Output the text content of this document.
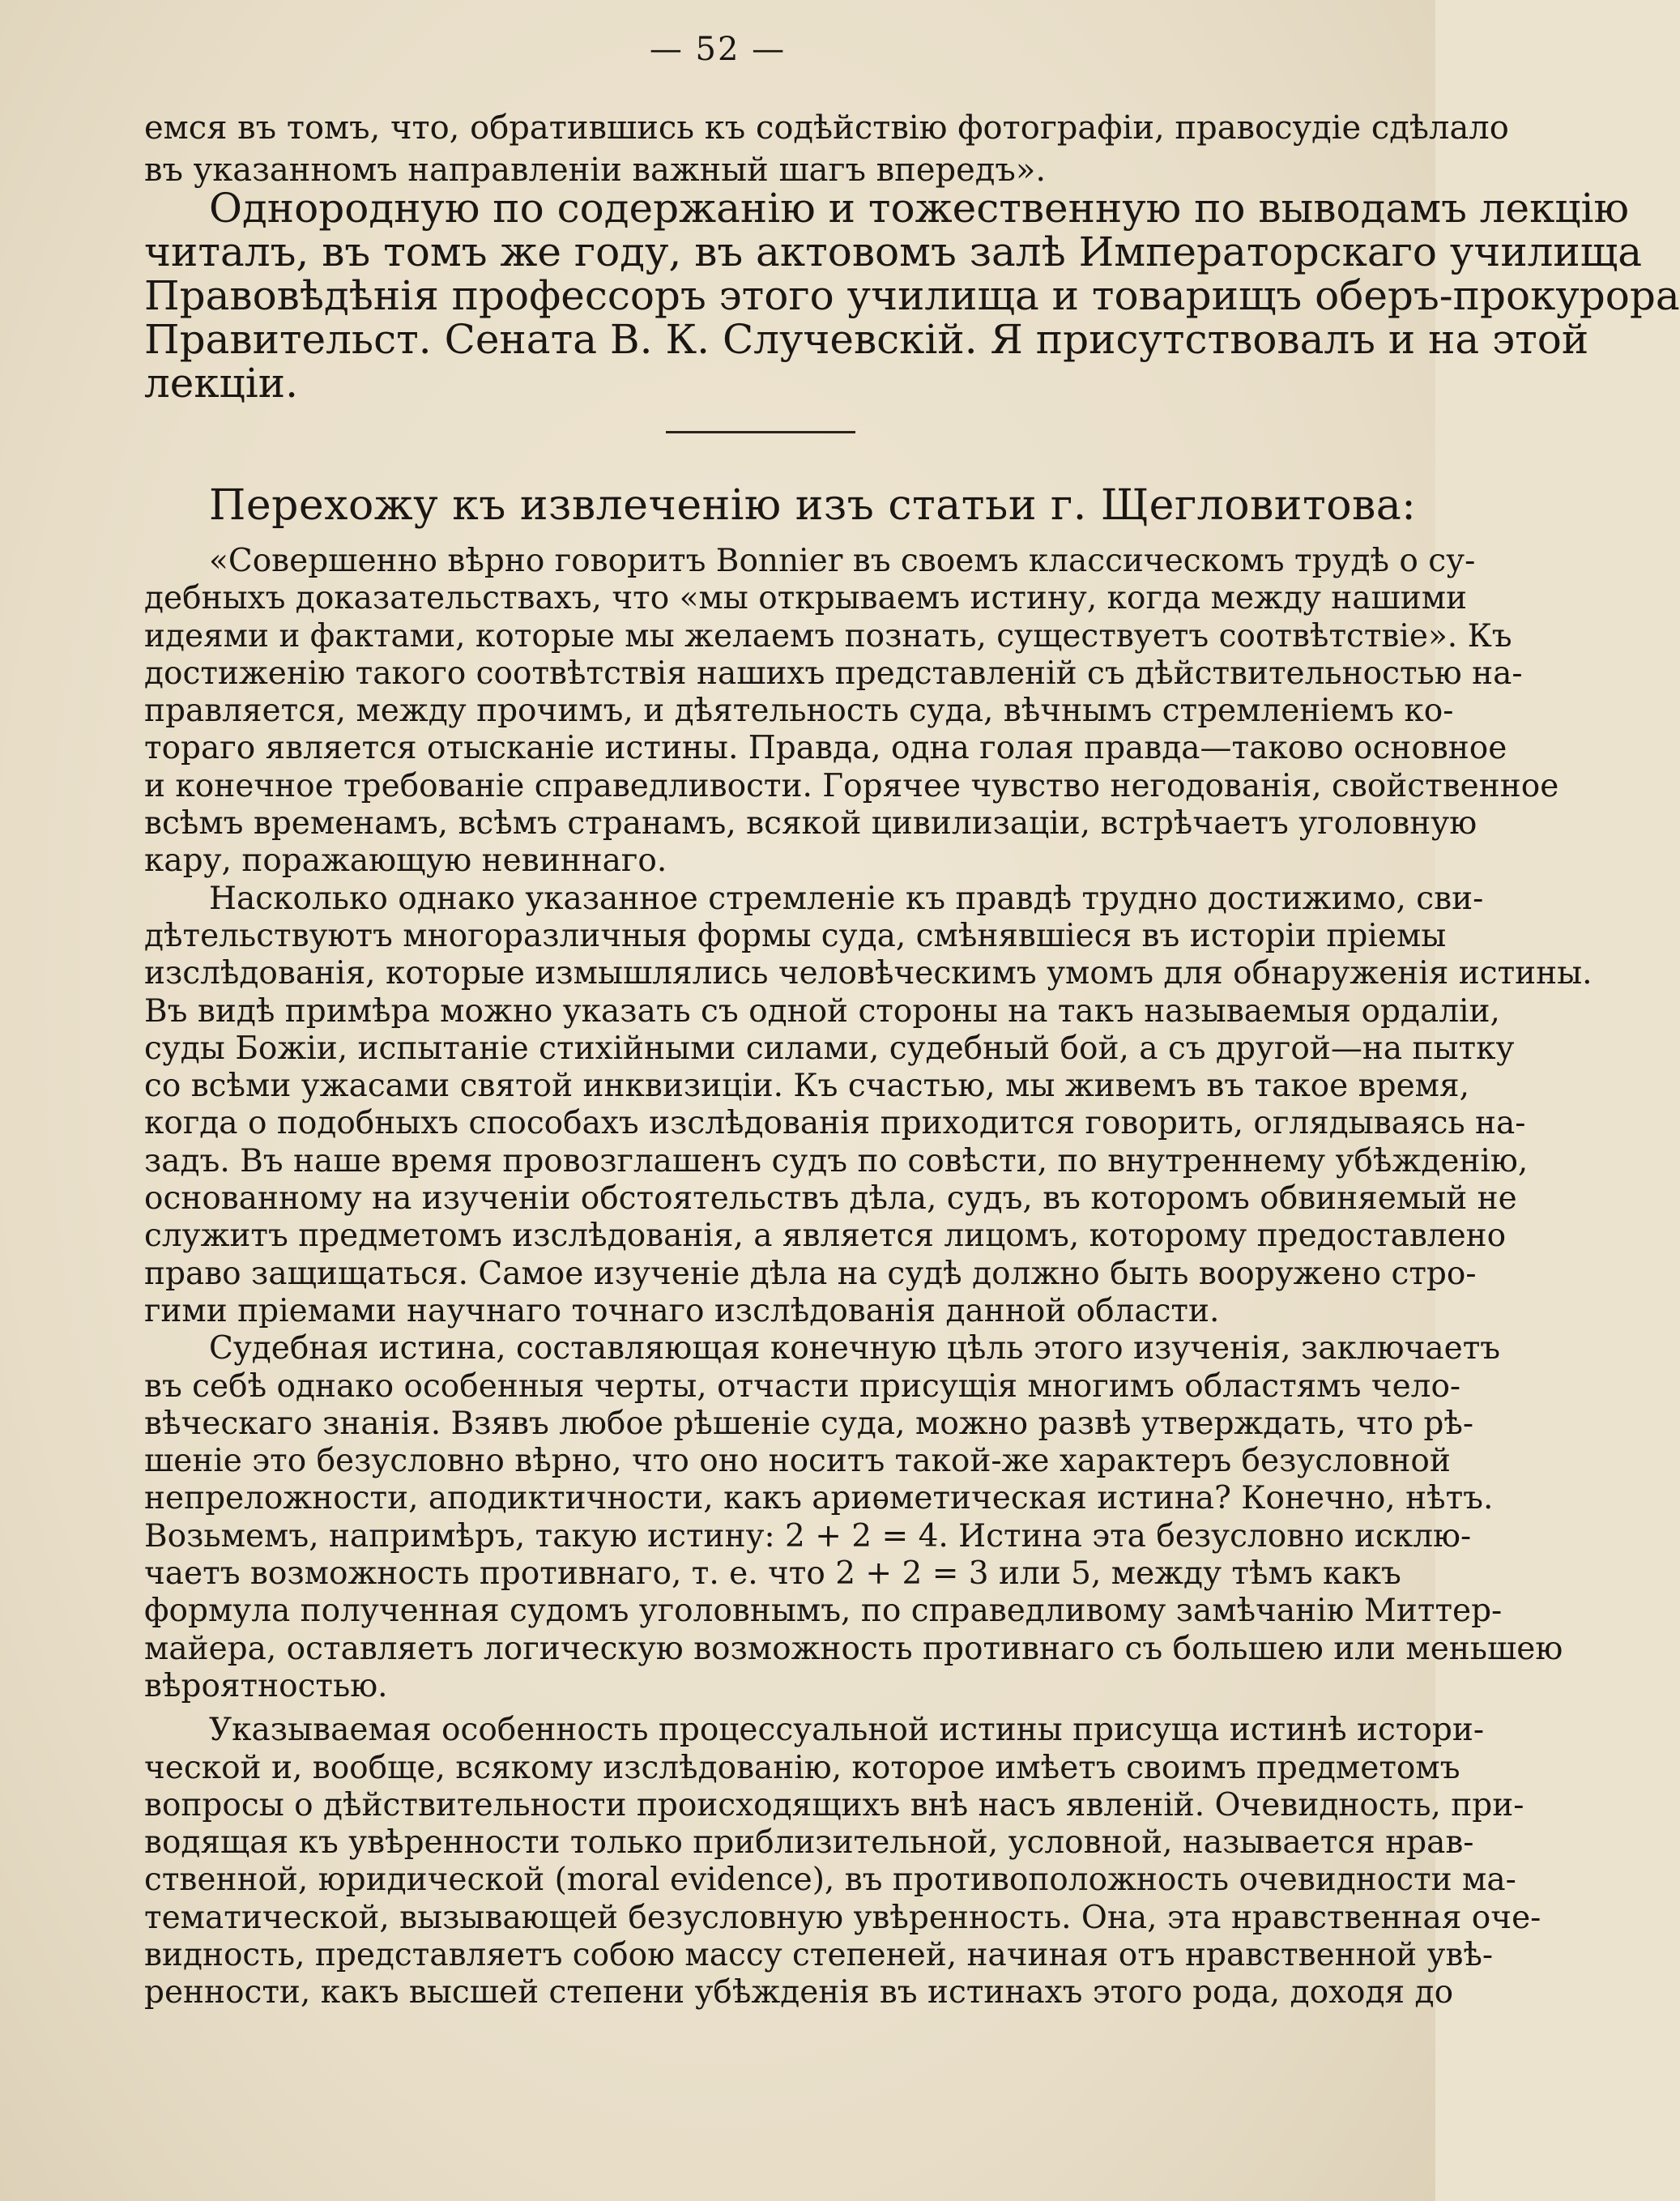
— 52 —
емся въ томъ, что, обратившись къ содѣйствію фотографіи, правосудіе сдѣлало
въ указанномъ направленіи важный шагъ впередъ».
Однородную по содержанію и тожественную по выводамъ лекцію
читалъ, въ томъ же году, въ актовомъ залѣ Императорскаго училища
Правовѣдѣнія профессоръ этого училища и товарищъ оберъ-прокурора
Правительст. Сената В. К. Случевскій. Я присутствовалъ и на этой
лекціи.
Перехожу къ извлеченію изъ статьи г. Щегловитова:
«Совершенно вѣрно говоритъ Bonnier въ своемъ классическомъ трудѣ о су-
дебныхъ доказательствахъ, что «мы открываемъ истину, когда между нашими
идеями и фактами, которые мы желаемъ познать, существуетъ соотвѣтствіе». Къ
достиженію такого соотвѣтствія нашихъ представленій съ дѣйствительностью на-
правляется, между прочимъ, и дѣятельность суда, вѣчнымъ стремленіемъ ко-
тораго является отысканіе истины. Правда, одна голая правда—таково основное
и конечное требованіе справедливости. Горячее чувство негодованія, свойственное
всѣмъ временамъ, всѣмъ странамъ, всякой цивилизаціи, встрѣчаетъ уголовную
кару, поражающую невиннаго.
Насколько однако указанное стремленіе къ правдѣ трудно достижимо, сви-
дѣтельствуютъ многоразличныя формы суда, смѣнявшіеся въ исторіи пріемы
изслѣдованія, которые измышлялись человѣческимъ умомъ для обнаруженія истины.
Въ видѣ примѣра можно указать съ одной стороны на такъ называемыя ордаліи,
суды Божіи, испытаніе стихійными силами, судебный бой, а съ другой—на пытку
со всѣми ужасами святой инквизиціи. Къ счастью, мы живемъ въ такое время,
когда о подобныхъ способахъ изслѣдованія приходится говорить, оглядываясь на-
задъ. Въ наше время провозглашенъ судъ по совѣсти, по внутреннему убѣжденію,
основанному на изученіи обстоятельствъ дѣла, судъ, въ которомъ обвиняемый не
служитъ предметомъ изслѣдованія, а является лицомъ, которому предоставлено
право защищаться. Самое изученіе дѣла на судѣ должно быть вооружено стро-
гими пріемами научнаго точнаго изслѣдованія данной области.
Судебная истина, составляющая конечную цѣль этого изученія, заключаетъ
въ себѣ однако особенныя черты, отчасти присущія многимъ областямъ чело-
вѣческаго знанія. Взявъ любое рѣшеніе суда, можно развѣ утверждать, что рѣ-
шеніе это безусловно вѣрно, что оно носитъ такой-же характеръ безусловной
непреложности, аподиктичности, какъ ариѳметическая истина? Конечно, нѣтъ.
Возьмемъ, напримѣръ, такую истину: 2 + 2 = 4. Истина эта безусловно исклю-
чаетъ возможность противнаго, т. е. что 2 + 2 = 3 или 5, между тѣмъ какъ
формула полученная судомъ уголовнымъ, по справедливому замѣчанію Миттер-
майера, оставляетъ логическую возможность противнаго съ большею или меньшею
вѣроятностью.
Указываемая особенность процессуальной истины присуща истинѣ истори-
ческой и, вообще, всякому изслѣдованію, которое имѣетъ своимъ предметомъ
вопросы о дѣйствительности происходящихъ внѣ насъ явленій. Очевидность, при-
водящая къ увѣренности только приблизительной, условной, называется нрав-
ственной, юридической (moral evidence), въ противоположность очевидности ма-
тематической, вызывающей безусловную увѣренность. Она, эта нравственная оче-
видность, представляетъ собою массу степеней, начиная отъ нравственной увѣ-
ренности, какъ высшей степени убѣжденія въ истинахъ этого рода, доходя до
